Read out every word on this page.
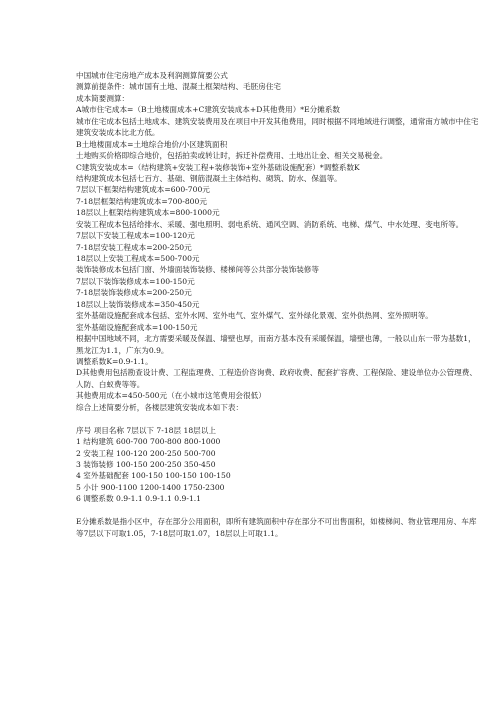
中国城市住宅房地产成本及利润测算简要公式
测算前提条件：城市国有土地、混凝土框架结构、毛胚房住宅
成本简要测算：
A城市住宅成本=（B土地楼面成本+C建筑安装成本+D其他费用）*E分摊系数
城市住宅成本包括土地成本、建筑安装费用及在项目中开发其他费用，同时根据不同地域进行调整，通常南方城市中住宅建筑安装成本比北方低。
B土地楼面成本=土地综合地价/小区建筑面积
土地购买价格即综合地价，包括拍卖或转让时，拆迁补偿费用、土地出让金、相关交易税金。
C建筑安装成本=（结构建筑+安装工程+装修装饰+室外基础设施配套）*调整系数K
结构建筑成本包括七百方、基础、钢筋混凝土主体结构、砌筑、防水、保温等。
7层以下框架结构建筑成本=600-700元
7-18层框架结构建筑成本=700-800元
18层以上框架结构建筑成本=800-1000元
安装工程成本包括给排水、采暖、强电照明、弱电系统、通风空调、消防系统、电梯、煤气、中水处理、变电所等。
7层以下安装工程成本=100-120元
7-18层安装工程成本=200-250元
18层以上安装工程成本=500-700元
装饰装修成本包括门窗、外墙面装饰装修、楼梯间等公共部分装饰装修等
7层以下装饰装修成本=100-150元
7-18层装饰装修成本=200-250元
18层以上装饰装修成本=350-450元
室外基础设施配套成本包括、室外水网、室外电气、室外煤气、室外绿化景观、室外供热网、室外照明等。
室外基础设施配套成本=100-150元
根据中国地域不同，北方需要采暖及保温、墙壁也厚，而南方基本没有采暖保温，墙壁也薄，一般以山东一带为基数1，黑龙江为1.1，广东为0.9。
调整系数K=0.9-1.1。
D其他费用包括勘查设计费、工程监理费、工程造价咨询费、政府收费、配套扩容费、工程保险、建设单位办公管理费、人防、白蚁费等等。
其他费用成本=450-500元（在小城市这笔费用会很低）
综合上述简要分析，各楼层建筑安装成本如下表：
序号 项目名称 7层以下 7-18层 18层以上
1 结构建筑 600-700 700-800 800-1000
2 安装工程 100-120 200-250 500-700
3 装饰装修 100-150 200-250 350-450
4 室外基础配套 100-150 100-150 100-150
5 小计 900-1100 1200-1400 1750-2300
6 调整系数 0.9-1.1 0.9-1.1 0.9-1.1
E分摊系数是指小区中，存在部分公用面积，即所有建筑面积中存在部分不可出售面积，如楼梯间、物业管理用房、车库等7层以下可取1.05，7-18层可取1.07，18层以上可取1.1。
